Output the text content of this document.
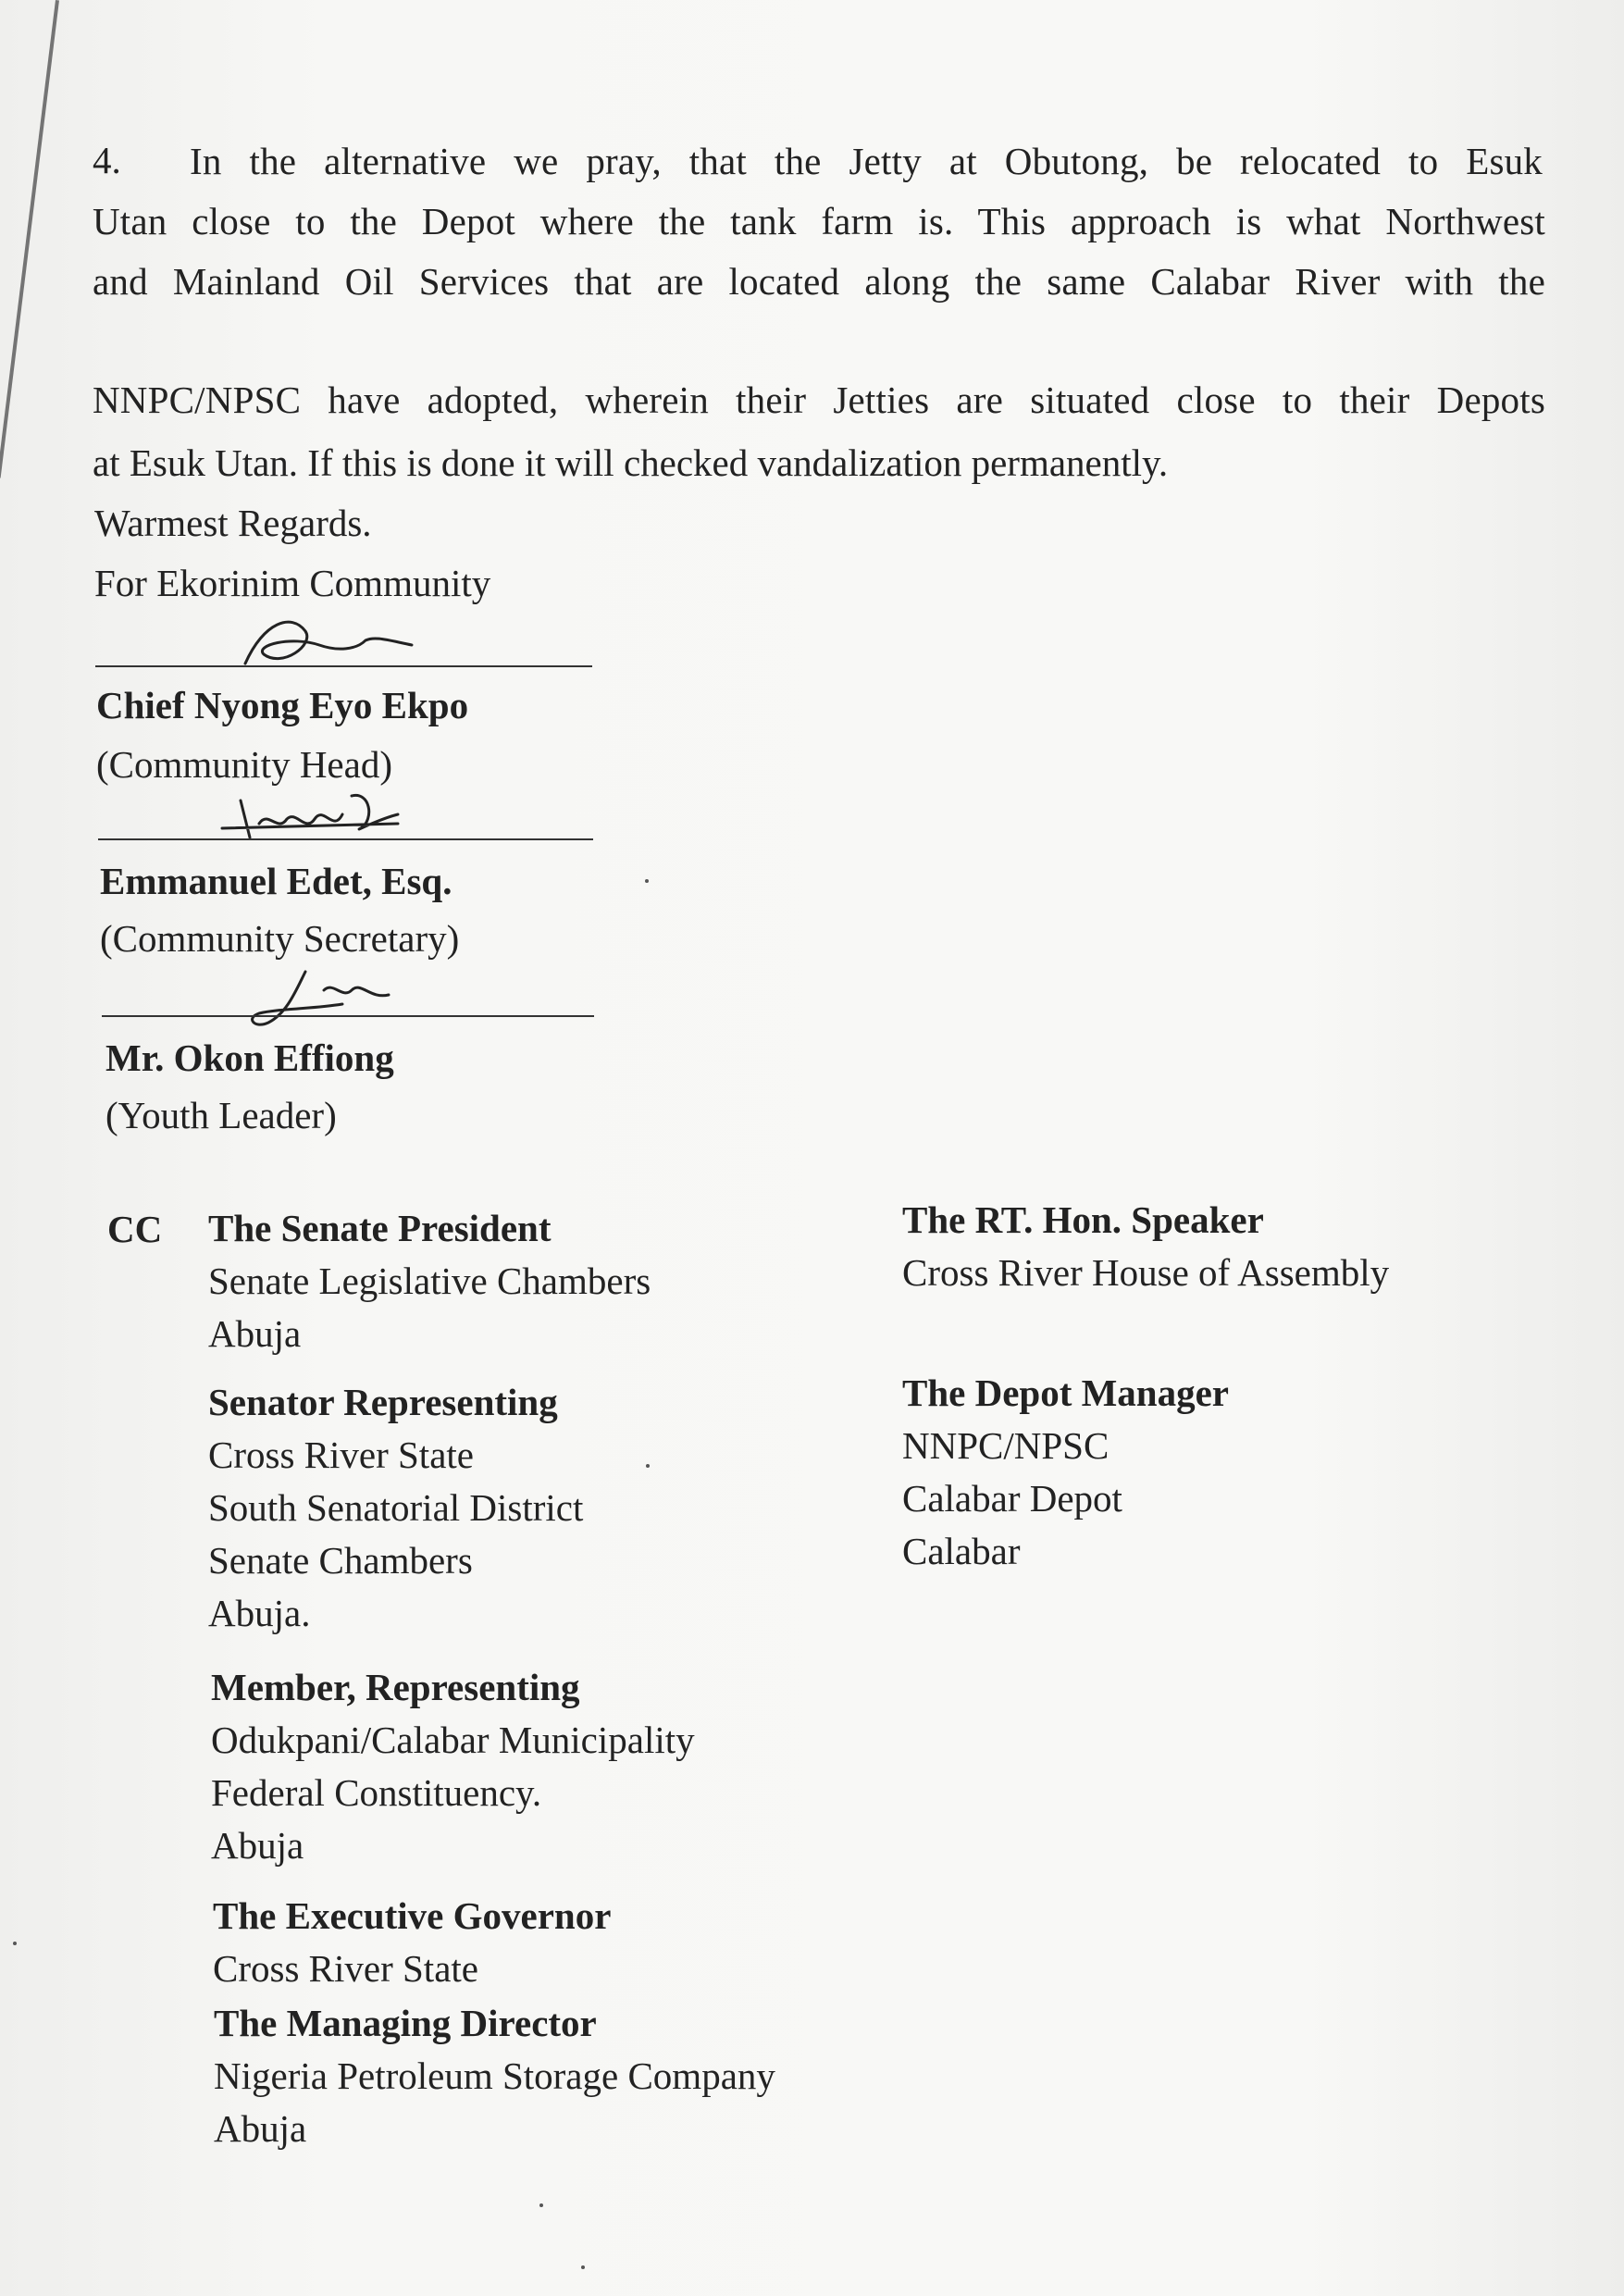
4. In the alternative we pray, that the Jetty at Obutong, be relocated to Esuk
Utan close to the Depot where the tank farm is. This approach is what Northwest
and Mainland Oil Services that are located along the same Calabar River with the
NNPC/NPSC have adopted, wherein their Jetties are situated close to their Depots
at Esuk Utan. If this is done it will checked vandalization permanently.
Warmest Regards.
For Ekorinim Community
Chief Nyong Eyo Ekpo
(Community Head)
Emmanuel Edet, Esq.
(Community Secretary)
Mr. Okon Effiong
(Youth Leader)
CC The Senate President
Senate Legislative Chambers
Abuja
Senator Representing
Cross River State
South Senatorial District
Senate Chambers
Abuja.
Member, Representing
Odukpani/Calabar Municipality
Federal Constituency.
Abuja
The Executive Governor
Cross River State
The Managing Director
Nigeria Petroleum Storage Company
Abuja
The RT. Hon. Speaker
Cross River House of Assembly
The Depot Manager
NNPC/NPSC
Calabar Depot
Calabar
